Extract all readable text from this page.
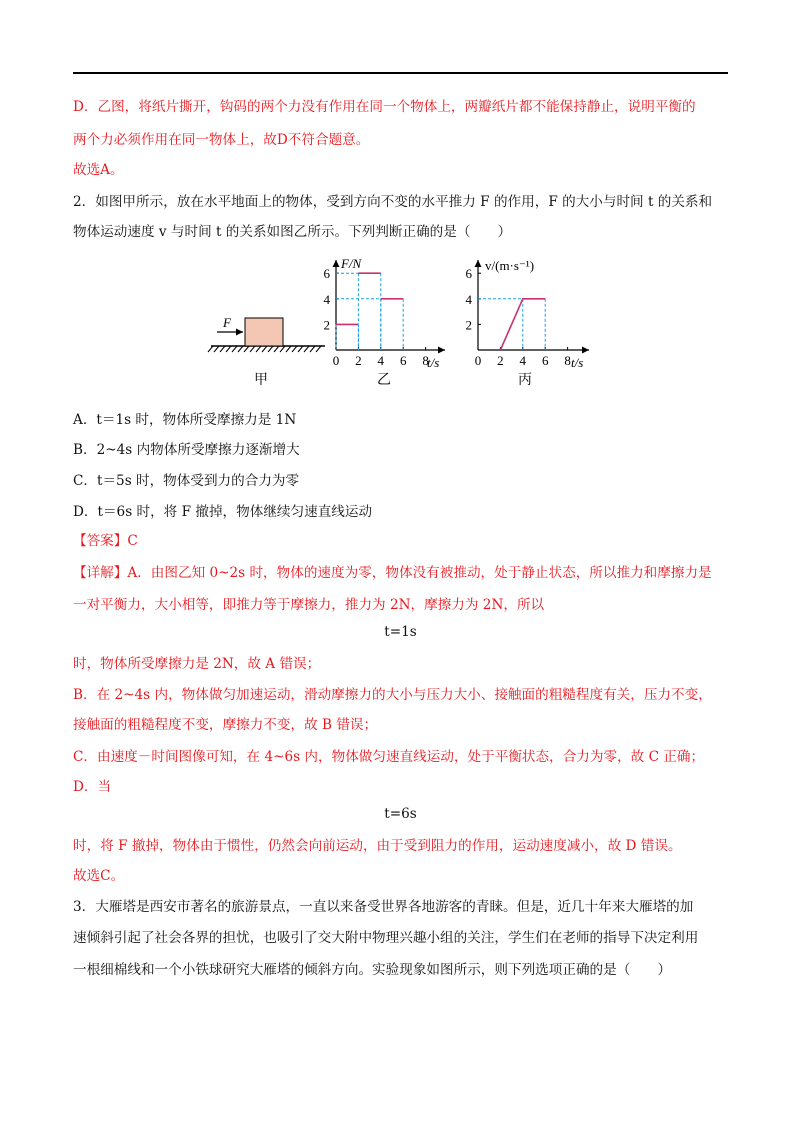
D．乙图，将纸片撕开，钩码的两个力没有作用在同一个物体上，两瓣纸片都不能保持静止，说明平衡的
两个力必须作用在同一物体上，故D不符合题意。
故选A。
2．如图甲所示，放在水平地面上的物体，受到方向不变的水平推力 F 的作用，F 的大小与时间 t 的关系和
物体运动速度 v 与时间 t 的关系如图乙所示。下列判断正确的是（　　）
F
甲
F/N
t/s
0
乙
2 4 6 8
2
4
6
v/(m·s⁻¹)
t/s
0
丙
2 4 6 8
2
4
6
A．t＝1s 时，物体所受摩擦力是 1N
B．2~4s 内物体所受摩擦力逐渐增大
C．t＝5s 时，物体受到力的合力为零
D．t＝6s 时，将 F 撤掉，物体继续匀速直线运动
【答案】C
【详解】A．由图乙知 0~2s 时，物体的速度为零，物体没有被推动，处于静止状态，所以推力和摩擦力是
一对平衡力，大小相等，即推力等于摩擦力，推力为 2N，摩擦力为 2N，所以
t=1s
时，物体所受摩擦力是 2N，故 A 错误；
B．在 2~4s 内，物体做匀加速运动，滑动摩擦力的大小与压力大小、接触面的粗糙程度有关，压力不变，
接触面的粗糙程度不变，摩擦力不变，故 B 错误；
C．由速度－时间图像可知，在 4~6s 内，物体做匀速直线运动，处于平衡状态，合力为零，故 C 正确；
D．当
t=6s
时，将 F 撤掉，物体由于惯性，仍然会向前运动，由于受到阻力的作用，运动速度减小，故 D 错误。
故选C。
3．大雁塔是西安市著名的旅游景点，一直以来备受世界各地游客的青睐。但是，近几十年来大雁塔的加
速倾斜引起了社会各界的担忧，也吸引了交大附中物理兴趣小组的关注，学生们在老师的指导下决定利用
一根细棉线和一个小铁球研究大雁塔的倾斜方向。实验现象如图所示，则下列选项正确的是（　　）
